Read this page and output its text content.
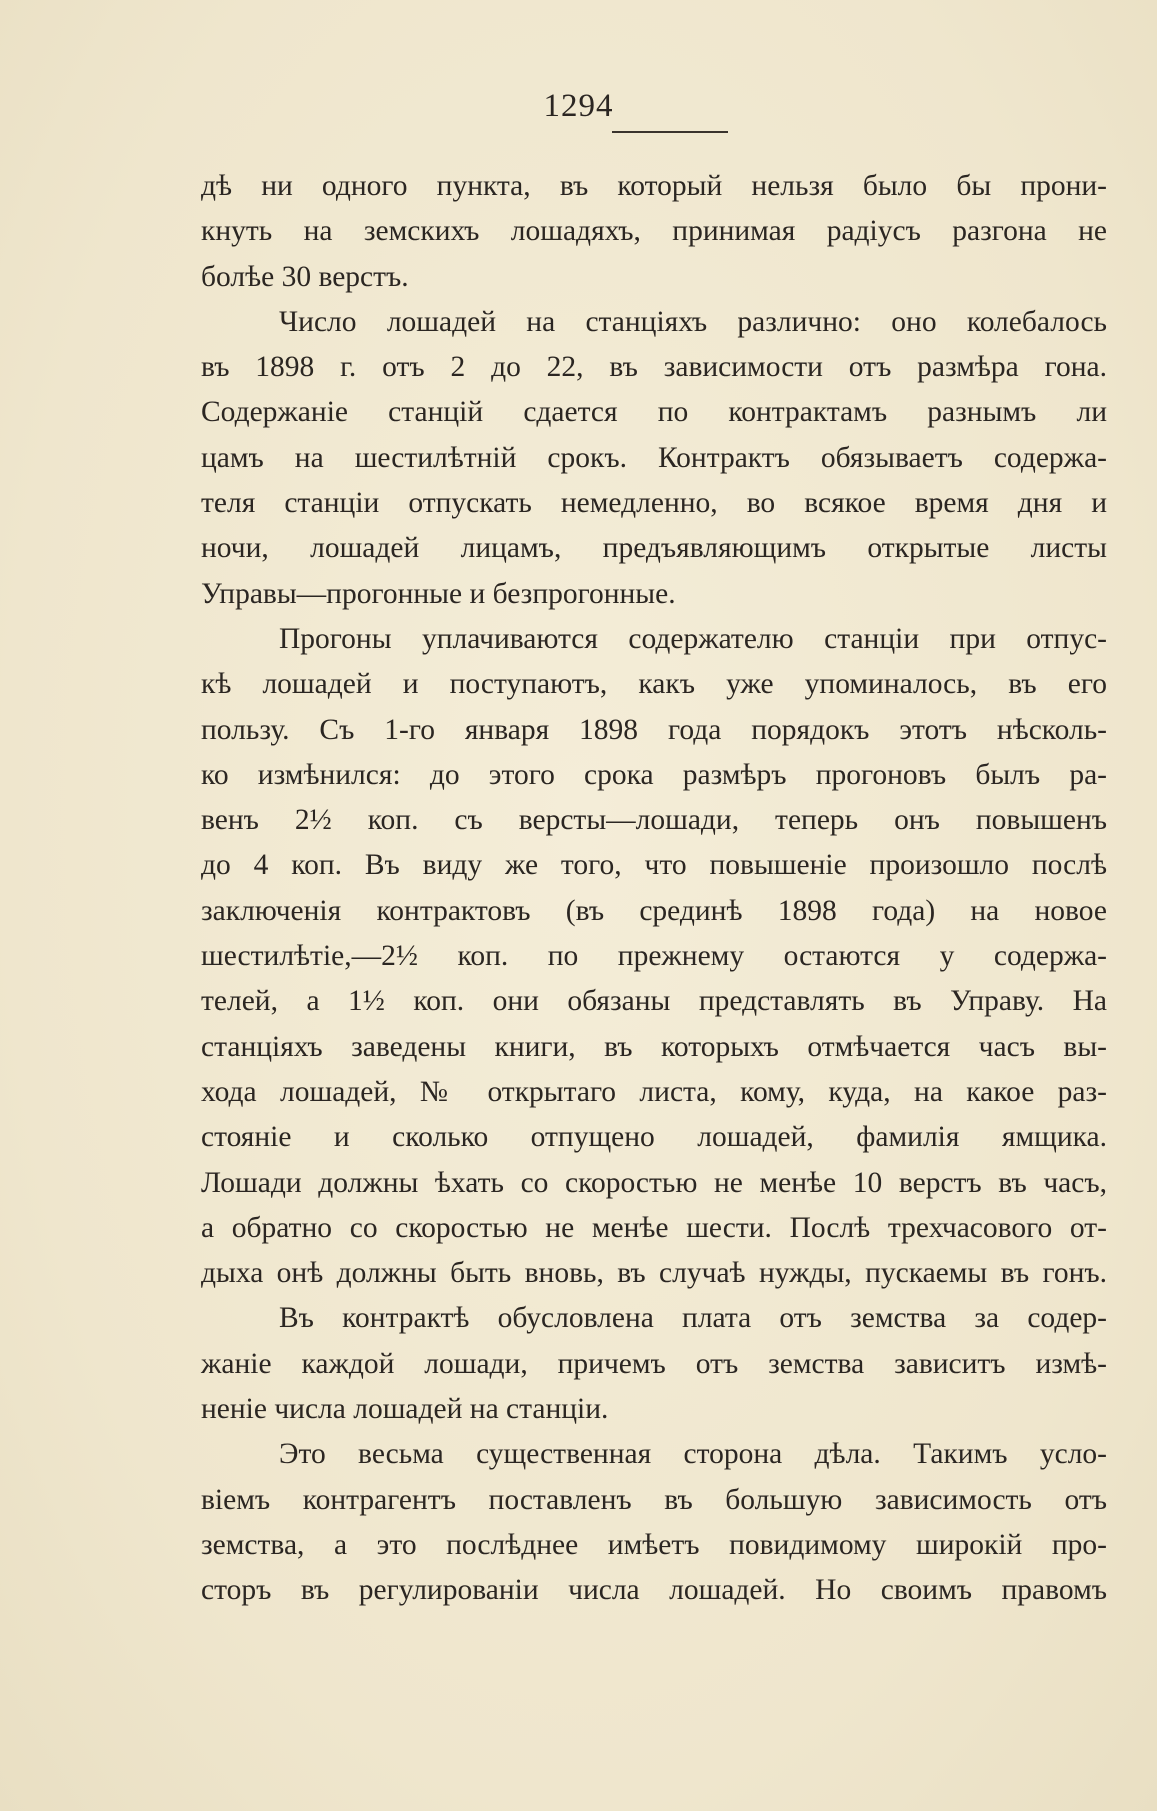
1294

дѣ ни одного пункта, въ который нельзя было бы прони-
кнуть на земскихъ лошадяхъ, принимая радіусъ разгона не
болѣе 30 верстъ.

Число лошадей на станціяхъ различно: оно колебалось
въ 1898 г. отъ 2 до 22, въ зависимости отъ размѣра гона.
Содержаніе станцій сдается по контрактамъ разнымъ ли
цамъ на шестилѣтній срокъ. Контрактъ обязываетъ содержа-
теля станціи отпускать немедленно, во всякое время дня и
ночи, лошадей лицамъ, предъявляющимъ открытые листы
Управы—прогонные и безпрогонные.

Прогоны уплачиваются содержателю станціи при отпус-
кѣ лошадей и поступаютъ, какъ уже упоминалось, въ его
пользу. Съ 1-го января 1898 года порядокъ этотъ нѣсколь-
ко измѣнился: до этого срока размѣръ прогоновъ былъ ра-
венъ 2½ коп. съ версты—лошади, теперь онъ повышенъ
до 4 коп. Въ виду же того, что повышеніе произошло послѣ
заключенія контрактовъ (въ срединѣ 1898 года) на новое
шестилѣтіе,—2½ коп. по прежнему остаются у содержа-
телей, а 1½ коп. они обязаны представлять въ Управу. На
станціяхъ заведены книги, въ которыхъ отмѣчается часъ вы-
хода лошадей, № открытаго листа, кому, куда, на какое раз-
стояніе и сколько отпущено лошадей, фамилія ямщика.
Лошади должны ѣхать со скоростью не менѣе 10 верстъ въ часъ,
а обратно со скоростью не менѣе шести. Послѣ трехчасового от-
дыха онѣ должны быть вновь, въ случаѣ нужды, пускаемы въ гонъ.

Въ контрактѣ обусловлена плата отъ земства за содер-
жаніе каждой лошади, причемъ отъ земства зависитъ измѣ-
неніе числа лошадей на станціи.

Это весьма существенная сторона дѣла. Такимъ усло-
віемъ контрагентъ поставленъ въ большую зависимость отъ
земства, а это послѣднее имѣетъ повидимому широкій про-
сторъ въ регулированіи числа лошадей. Но своимъ правомъ
